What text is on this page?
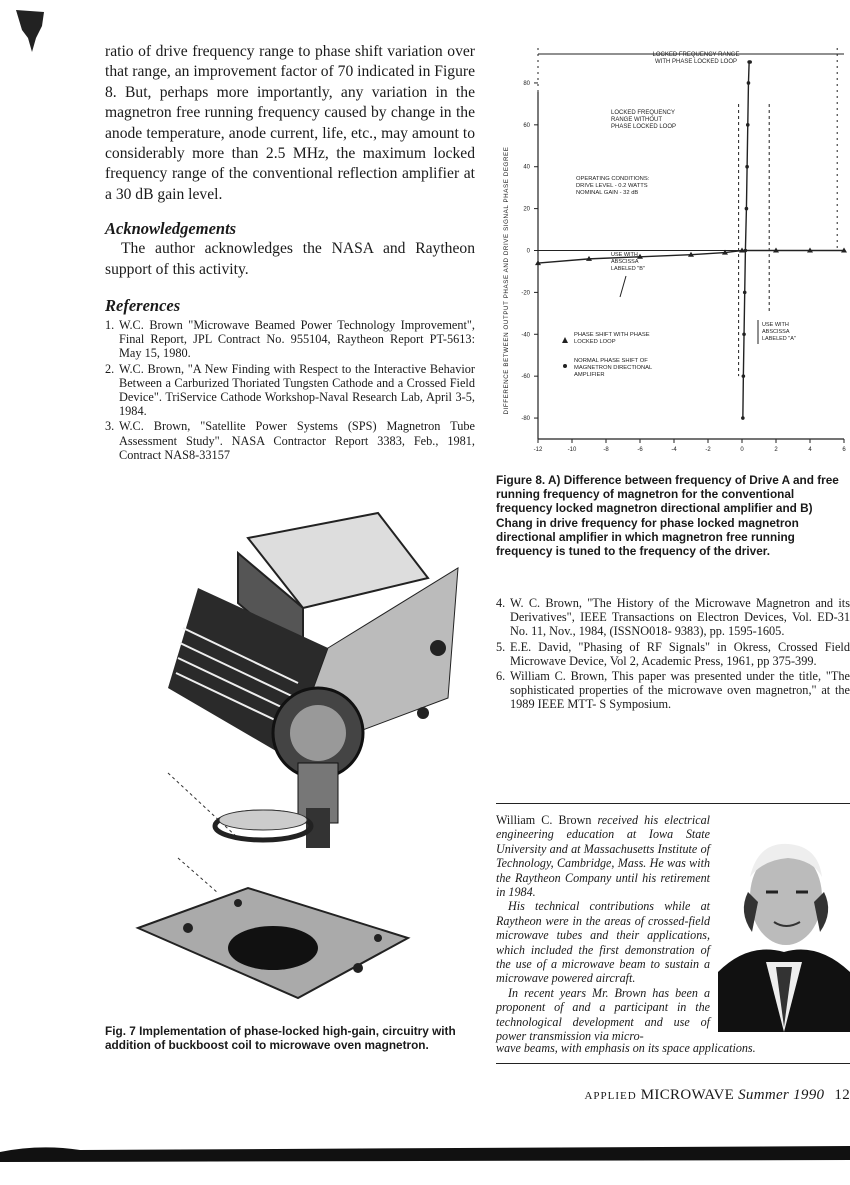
ratio of drive frequency range to phase shift variation over that range, an improvement factor of 70 indicated in Figure 8. But, perhaps more importantly, any variation in the magnetron free running frequency caused by change in the anode temperature, anode current, life, etc., may amount to considerably more than 2.5 MHz, the maximum locked frequency range of the conventional reflection amplifier at a 30 dB gain level.

Acknowledgements

The author acknowledges the NASA and Raytheon support of this activity.

References
1. W.C. Brown "Microwave Beamed Power Technology Improvement", Final Report, JPL Contract No. 955104, Raytheon Report PT-5613: May 15, 1980.
2. W.C. Brown, "A New Finding with Respect to the Interactive Behavior Between a Carburized Thoriated Tungsten Cathode and a Crossed Field Device". TriService Cathode Workshop-Naval Research Lab, April 3-5, 1984.
3. W.C. Brown, "Satellite Power Systems (SPS) Magnetron Tube Assessment Study". NASA Contractor Report 3383, Feb., 1981, Contract NAS8-33157
Fig. 7 Implementation of phase-locked high-gain, circuitry with addition of buckboost coil to microwave oven magnetron.
80
60
40
20
0
-20
-40
-60
-80
-12	-10	-8	-6	-4	-2	0	2	4	6
DIFFERENCE BETWEEN OUTPUT PHASE AND DRIVE SIGNAL PHASE DEGREE
LOCKED FREQUENCY RANGE
WITH PHASE LOCKED LOOP
LOCKED FREQUENCY
RANGE WITHOUT
PHASE LOCKED LOOP
OPERATING CONDITIONS:
DRIVE LEVEL - 0.2 WATTS
NOMINAL GAIN - 32 dB
USE WITH
ABSCISSA
LABELED "B"
USE WITH
ABSCISSA
LABELED "A"
PHASE SHIFT WITH PHASE
LOCKED LOOP
NORMAL PHASE SHIFT OF
MAGNETRON DIRECTIONAL
AMPLIFIER
Figure 8. A) Difference between frequency of Drive A and free running frequency of magnetron for the conventional frequency locked magnetron directional amplifier and B) Chang in drive frequency for phase locked magnetron directional amplifier in which magnetron free running frequency is tuned to the frequency of the driver.
4. W. C. Brown, "The History of the Microwave Magnetron and its Derivatives", IEEE Transactions on Electron Devices, Vol. ED-31 No. 11, Nov., 1984, (ISSNO018- 9383), pp. 1595-1605.
5. E.E. David, "Phasing of RF Signals" in Okress, Crossed Field Microwave Device, Vol 2, Academic Press, 1961, pp 375-399.
6. William C. Brown, This paper was presented under the title, "The sophisticated properties of the microwave oven magnetron," at the 1989 IEEE MTT- S Symposium.

William C. Brown received his electrical engineering education at Iowa State University and at Massachusetts Institute of Technology, Cambridge, Mass. He was with the Raytheon Company until his retirement in 1984.

His technical contributions while at Raytheon were in the areas of crossed-field microwave tubes and their applications, which included the first demonstration of the use of a microwave beam to sustain a microwave powered aircraft.

In recent years Mr. Brown has been a proponent of and a participant in the technological development and use of power transmission via micro-

wave beams, with emphasis on its space applications.
APPLIED MICROWAVE Summer 1990 12
